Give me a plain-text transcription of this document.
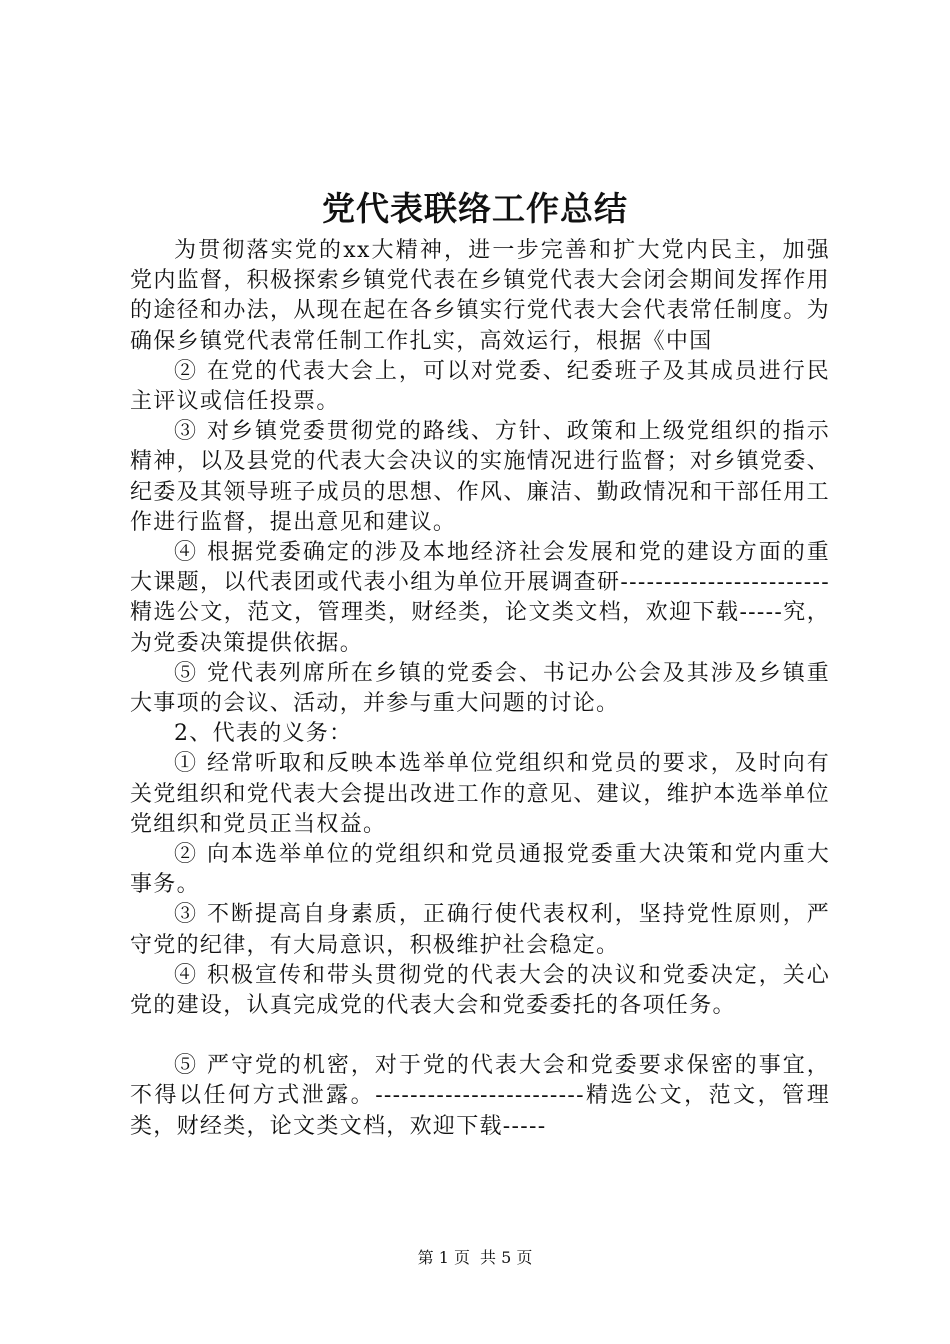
党代表联络工作总结

为贯彻落实党的xx大精神，进一步完善和扩大党内民主，加强党内监督，积极探索乡镇党代表在乡镇党代表大会闭会期间发挥作用的途径和办法，从现在起在各乡镇实行党代表大会代表常任制度。为确保乡镇党代表常任制工作扎实，高效运行，根据《中国

② 在党的代表大会上，可以对党委、纪委班子及其成员进行民主评议或信任投票。

③ 对乡镇党委贯彻党的路线、方针、政策和上级党组织的指示精神，以及县党的代表大会决议的实施情况进行监督；对乡镇党委、纪委及其领导班子成员的思想、作风、廉洁、勤政情况和干部任用工作进行监督，提出意见和建议。

④ 根据党委确定的涉及本地经济社会发展和党的建设方面的重大课题，以代表团或代表小组为单位开展调查研------------------------精选公文，范文，管理类，财经类，论文类文档，欢迎下载-----究，为党委决策提供依据。

⑤ 党代表列席所在乡镇的党委会、书记办公会及其涉及乡镇重大事项的会议、活动，并参与重大问题的讨论。

2、代表的义务：

① 经常听取和反映本选举单位党组织和党员的要求，及时向有关党组织和党代表大会提出改进工作的意见、建议，维护本选举单位党组织和党员正当权益。

② 向本选举单位的党组织和党员通报党委重大决策和党内重大事务。

③ 不断提高自身素质，正确行使代表权利，坚持党性原则，严守党的纪律，有大局意识，积极维护社会稳定。

④ 积极宣传和带头贯彻党的代表大会的决议和党委决定，关心党的建设，认真完成党的代表大会和党委委托的各项任务。

⑤ 严守党的机密，对于党的代表大会和党委要求保密的事宜，不得以任何方式泄露。------------------------精选公文，范文，管理类，财经类，论文类文档，欢迎下载-----

第 1 页 共 5 页
